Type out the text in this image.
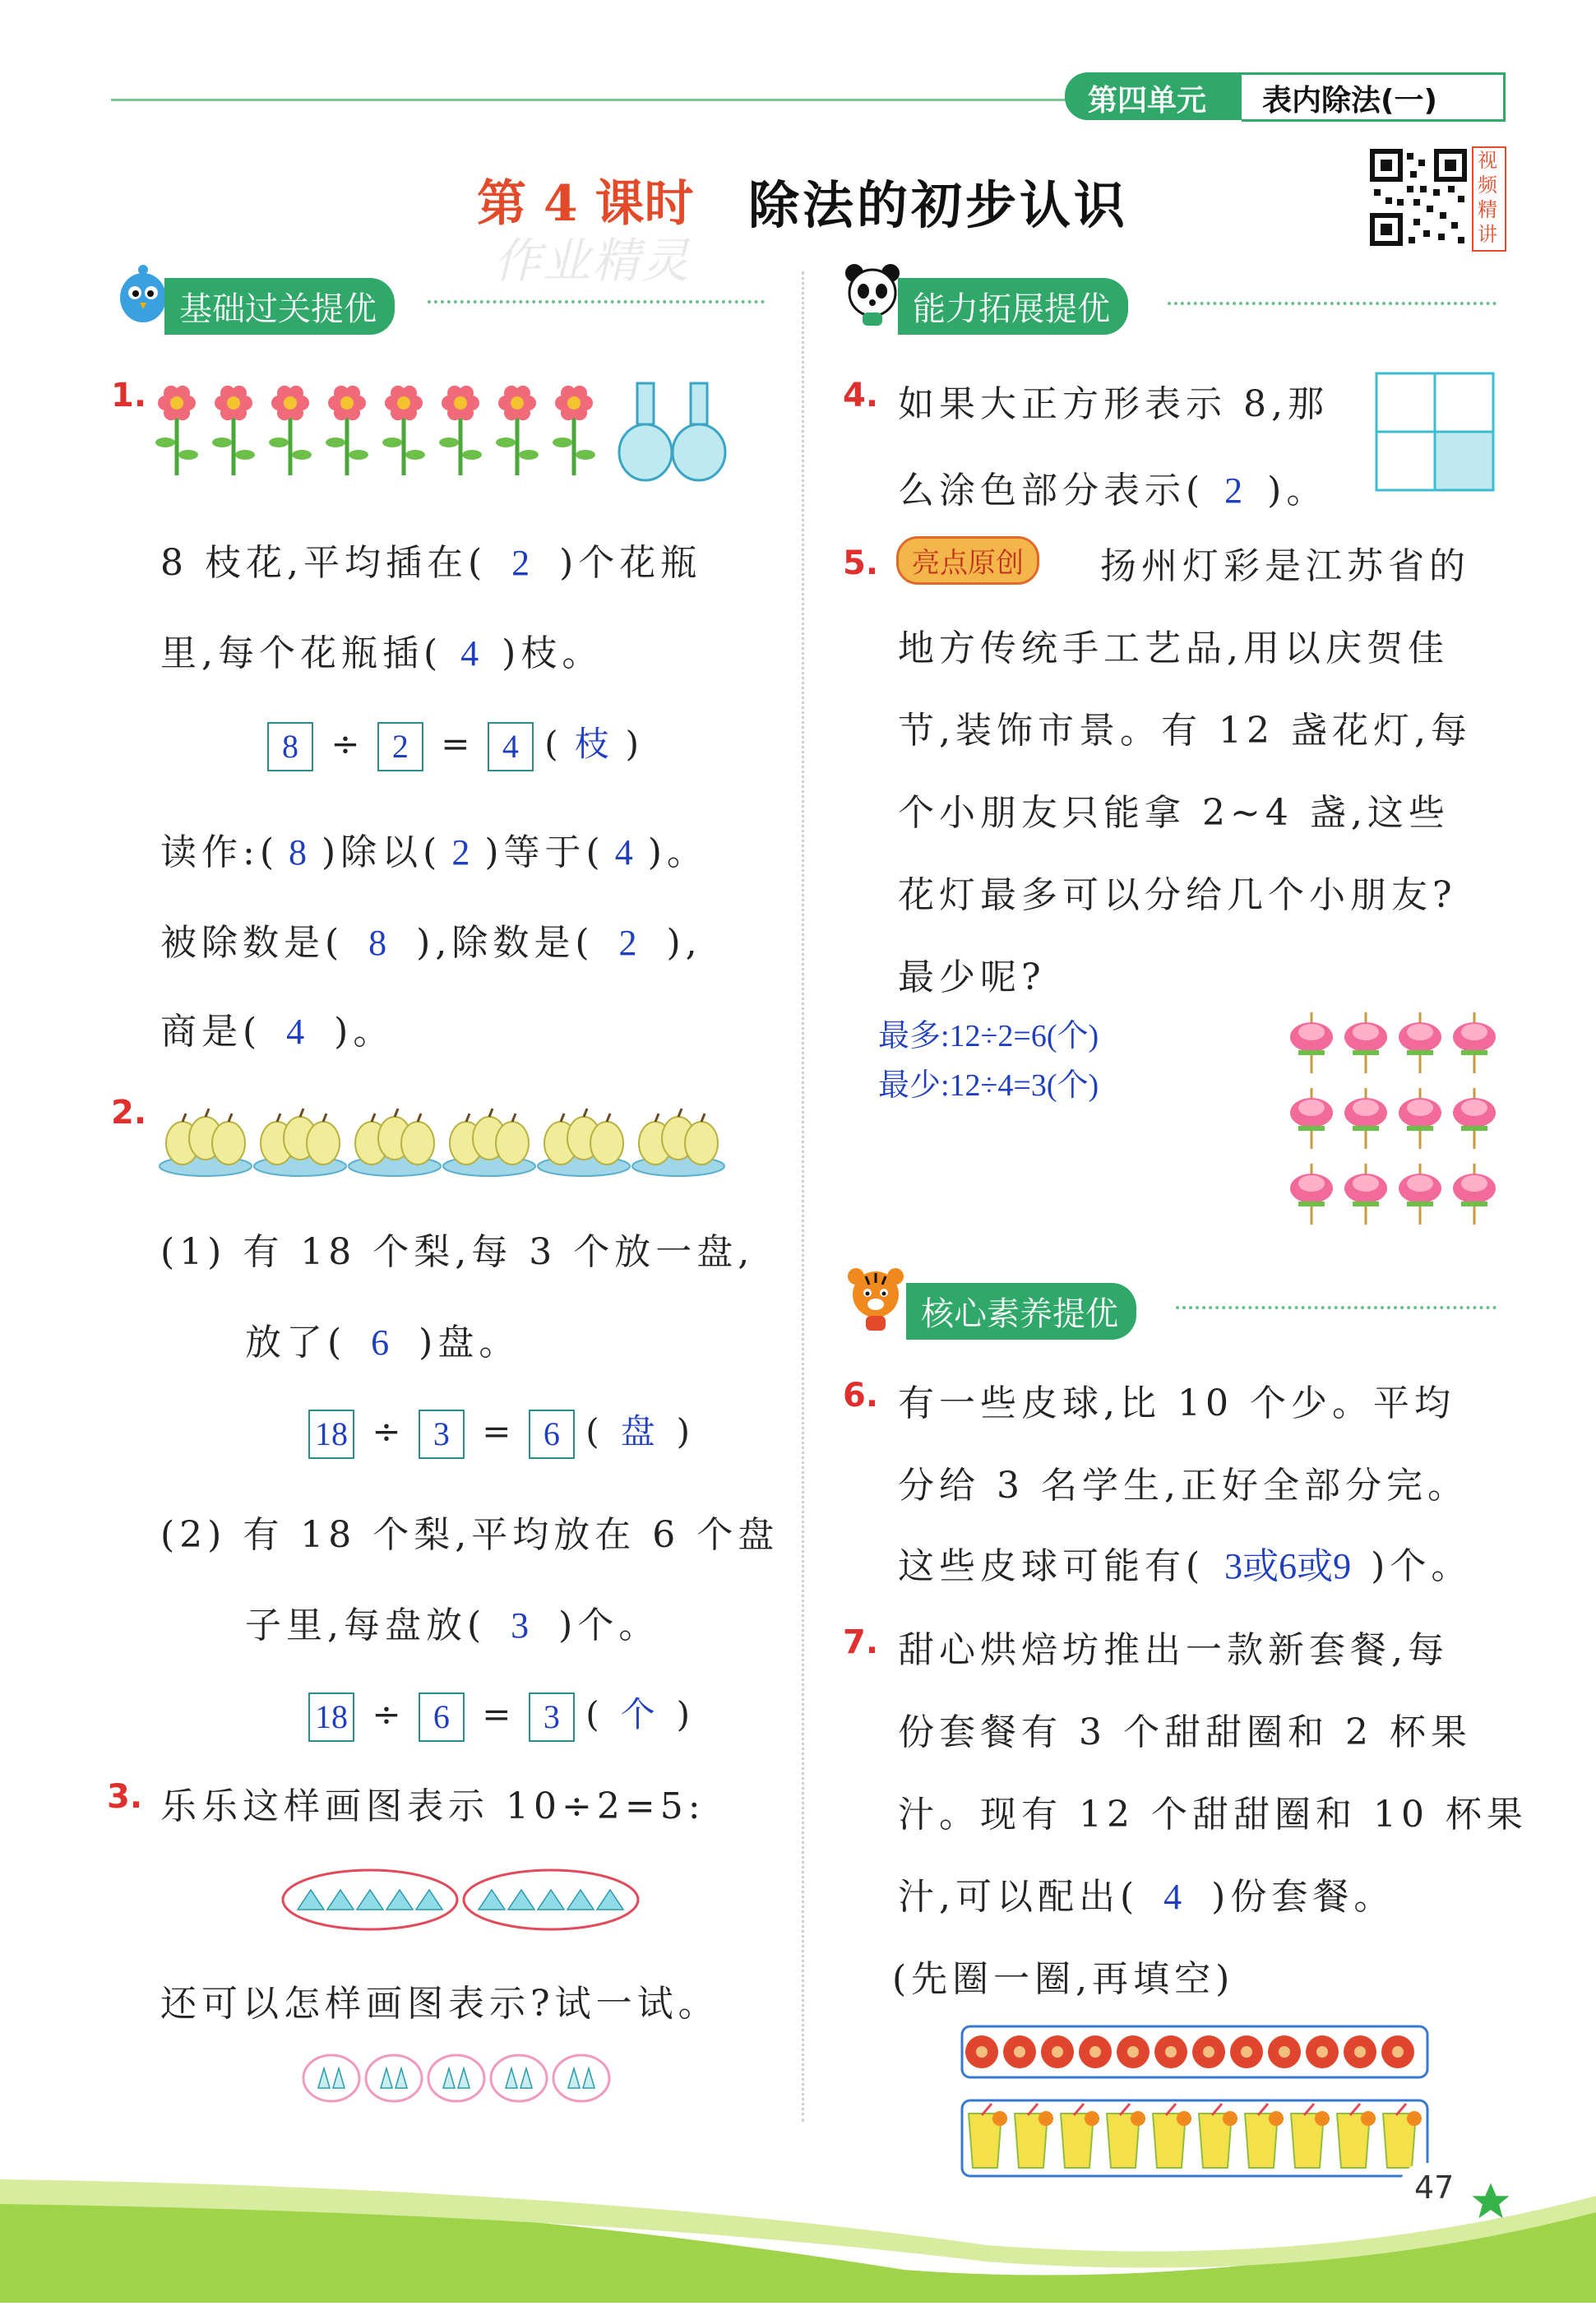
第四单元 表内除法(一)
第 4 课时 除法的初步认识
作业精灵
视频精讲
基础过关提优
1.
8 枝花,平均插在( 2 )个花瓶
里,每个花瓶插( 4 )枝。
8 ÷ 2 = 4 ( 枝 )
读作:( 8 )除以( 2 )等于( 4 )。
被除数是( 8 ),除数是( 2 ),
商是( 4 )。
2.
(1) 有 18 个梨,每 3 个放一盘,
放了( 6 )盘。
18 ÷ 3 = 6 ( 盘 )
(2) 有 18 个梨,平均放在 6 个盘
子里,每盘放( 3 )个。
18 ÷ 6 = 3 ( 个 )
3. 乐乐这样画图表示 10÷2=5:
还可以怎样画图表示?试一试。
能力拓展提优
4. 如果大正方形表示 8,那
么涂色部分表示( 2 )。
5.	亮点原创	扬州灯彩是江苏省的
地方传统手工艺品,用以庆贺佳
节,装饰市景。有 12 盏花灯,每
个小朋友只能拿 2~4 盏,这些
花灯最多可以分给几个小朋友?
最少呢?
最多:12÷2=6(个)
最少:12÷4=3(个)
核心素养提优
6. 有一些皮球,比 10 个少。平均
分给 3 名学生,正好全部分完。
这些皮球可能有( 3或6或9 )个。
7. 甜心烘焙坊推出一款新套餐,每
份套餐有 3 个甜甜圈和 2 杯果
汁。现有 12 个甜甜圈和 10 杯果
汁,可以配出( 4 )份套餐。
(先圈一圈,再填空)
47
